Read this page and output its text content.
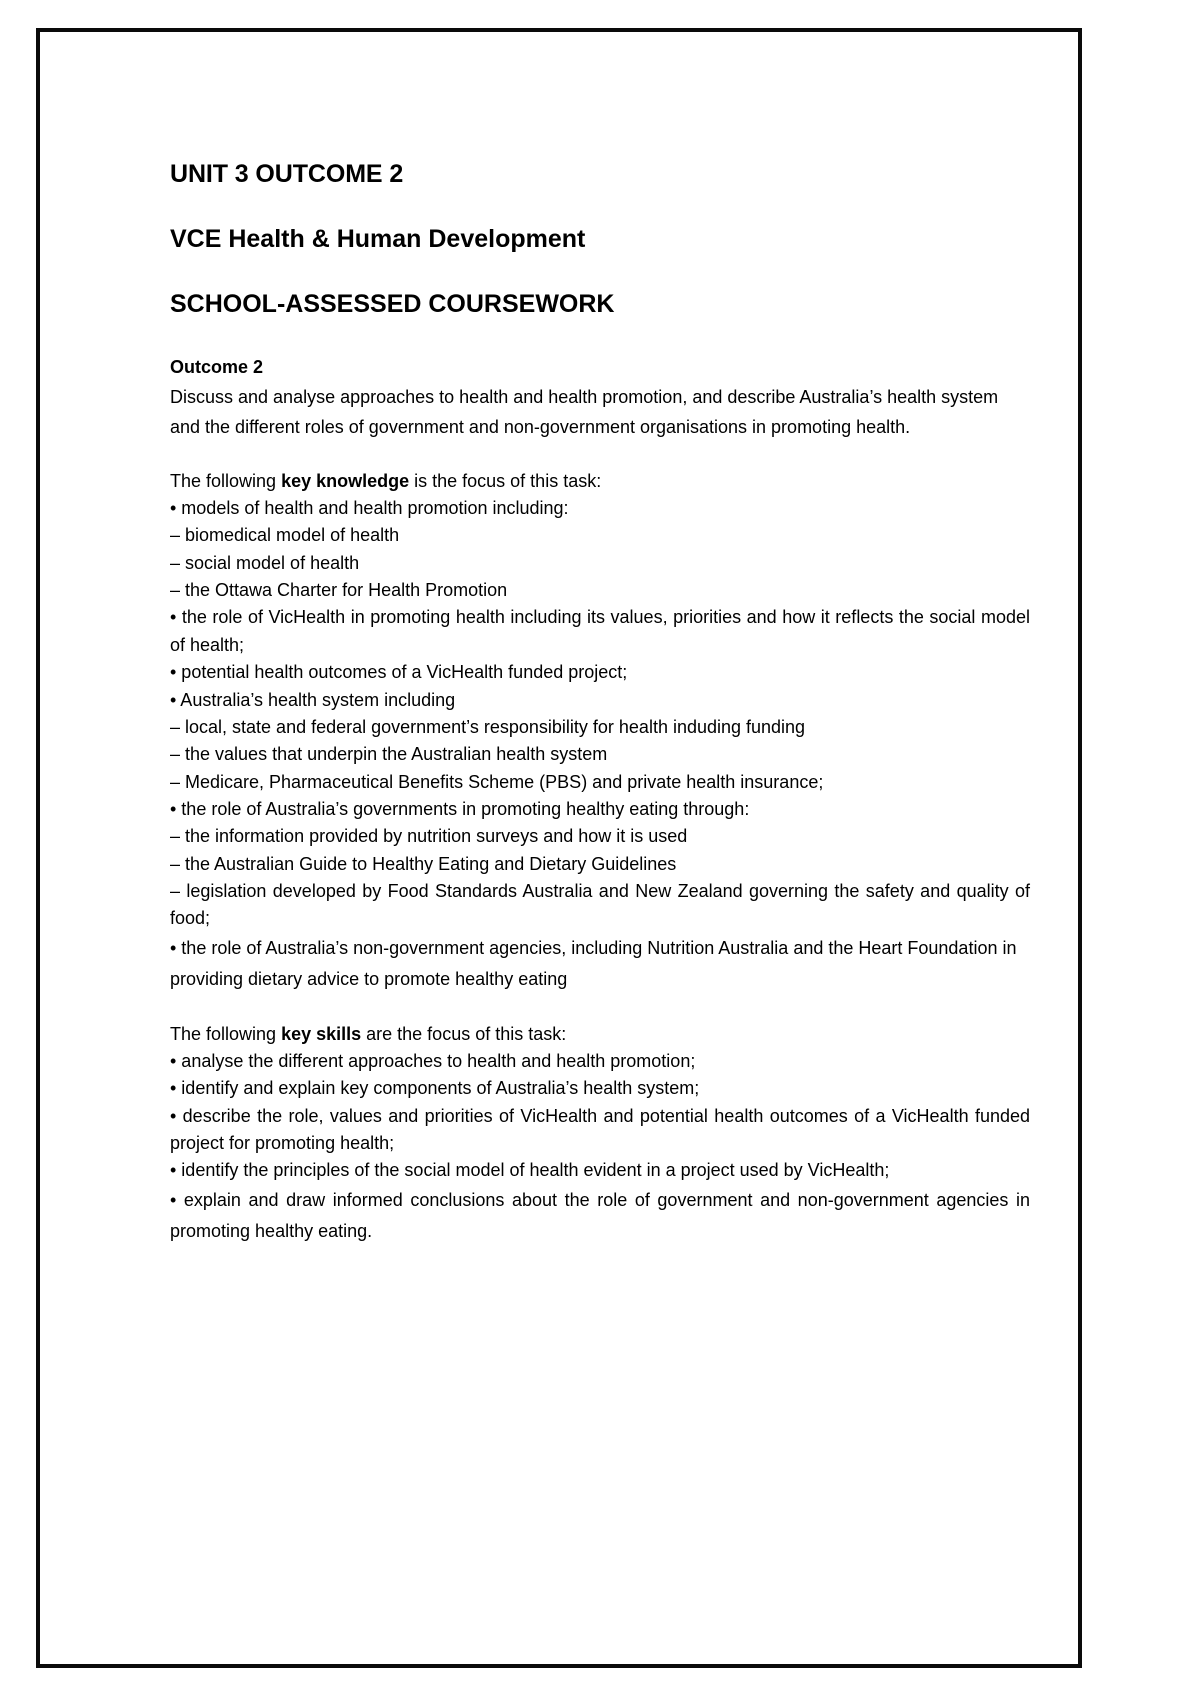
UNIT 3 OUTCOME 2
VCE Health & Human Development
SCHOOL-ASSESSED COURSEWORK
Outcome 2

Discuss and analyse approaches to health and health promotion, and describe Australia’s health system and the different roles of government and non-government organisations in promoting health.

The following key knowledge is the focus of this task:

• models of health and health promotion including:

– biomedical model of health

– social model of health

– the Ottawa Charter for Health Promotion

• the role of VicHealth in promoting health including its values, priorities and how it reflects the social model of health;

• potential health outcomes of a VicHealth funded project;

• Australia’s health system including

– local, state and federal government’s responsibility for health induding funding

– the values that underpin the Australian health system

– Medicare, Pharmaceutical Benefits Scheme (PBS) and private health insurance;

• the role of Australia’s governments in promoting healthy eating through:

– the information provided by nutrition surveys and how it is used

– the Australian Guide to Healthy Eating and Dietary Guidelines

– legislation developed by Food Standards Australia and New Zealand governing the safety and quality of food;

• the role of Australia’s non-government agencies, including Nutrition Australia and the Heart Foundation in providing dietary advice to promote healthy eating

The following key skills are the focus of this task:

• analyse the different approaches to health and health promotion;

• identify and explain key components of Australia’s health system;

• describe the role, values and priorities of VicHealth and potential health outcomes of a VicHealth funded project for promoting health;

• identify the principles of the social model of health evident in a project used by VicHealth;

• explain and draw informed conclusions about the role of government and non-government agencies in promoting healthy eating.
